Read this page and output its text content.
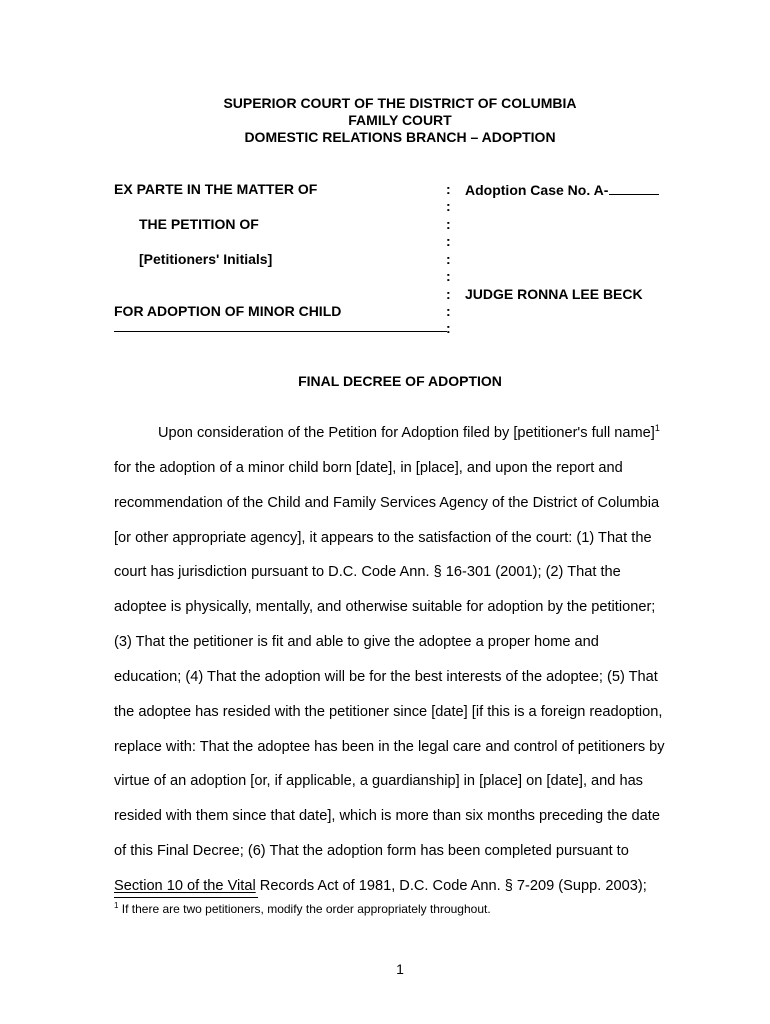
SUPERIOR COURT OF THE DISTRICT OF COLUMBIA
FAMILY COURT
DOMESTIC RELATIONS BRANCH – ADOPTION
EX PARTE IN THE MATTER OF
THE PETITION OF
[Petitioners' Initials]
FOR ADOPTION OF MINOR CHILD
:
:
:
:
:
:
:
:
:
Adoption Case No. A-
JUDGE RONNA LEE BECK
FINAL DECREE OF ADOPTION
Upon consideration of the Petition for Adoption filed by [petitioner's full name]$^1$
for the adoption of a minor child born [date], in [place], and upon the report and
recommendation of the Child and Family Services Agency of the District of Columbia
[or other appropriate agency], it appears to the satisfaction of the court: (1) That the
court has jurisdiction pursuant to D.C. Code Ann. § 16-301 (2001); (2) That the
adoptee is physically, mentally, and otherwise suitable for adoption by the petitioner;
(3) That the petitioner is fit and able to give the adoptee a proper home and
education; (4) That the adoption will be for the best interests of the adoptee; (5) That
the adoptee has resided with the petitioner since [date] [if this is a foreign readoption,
replace with: That the adoptee has been in the legal care and control of petitioners by
virtue of an adoption [or, if applicable, a guardianship] in [place] on [date], and has
resided with them since that date], which is more than six months preceding the date
of this Final Decree; (6) That the adoption form has been completed pursuant to
Section 10 of the Vital Records Act of 1981, D.C. Code Ann. § 7-209 (Supp. 2003);
$^1$ If there are two petitioners, modify the order appropriately throughout.
1
